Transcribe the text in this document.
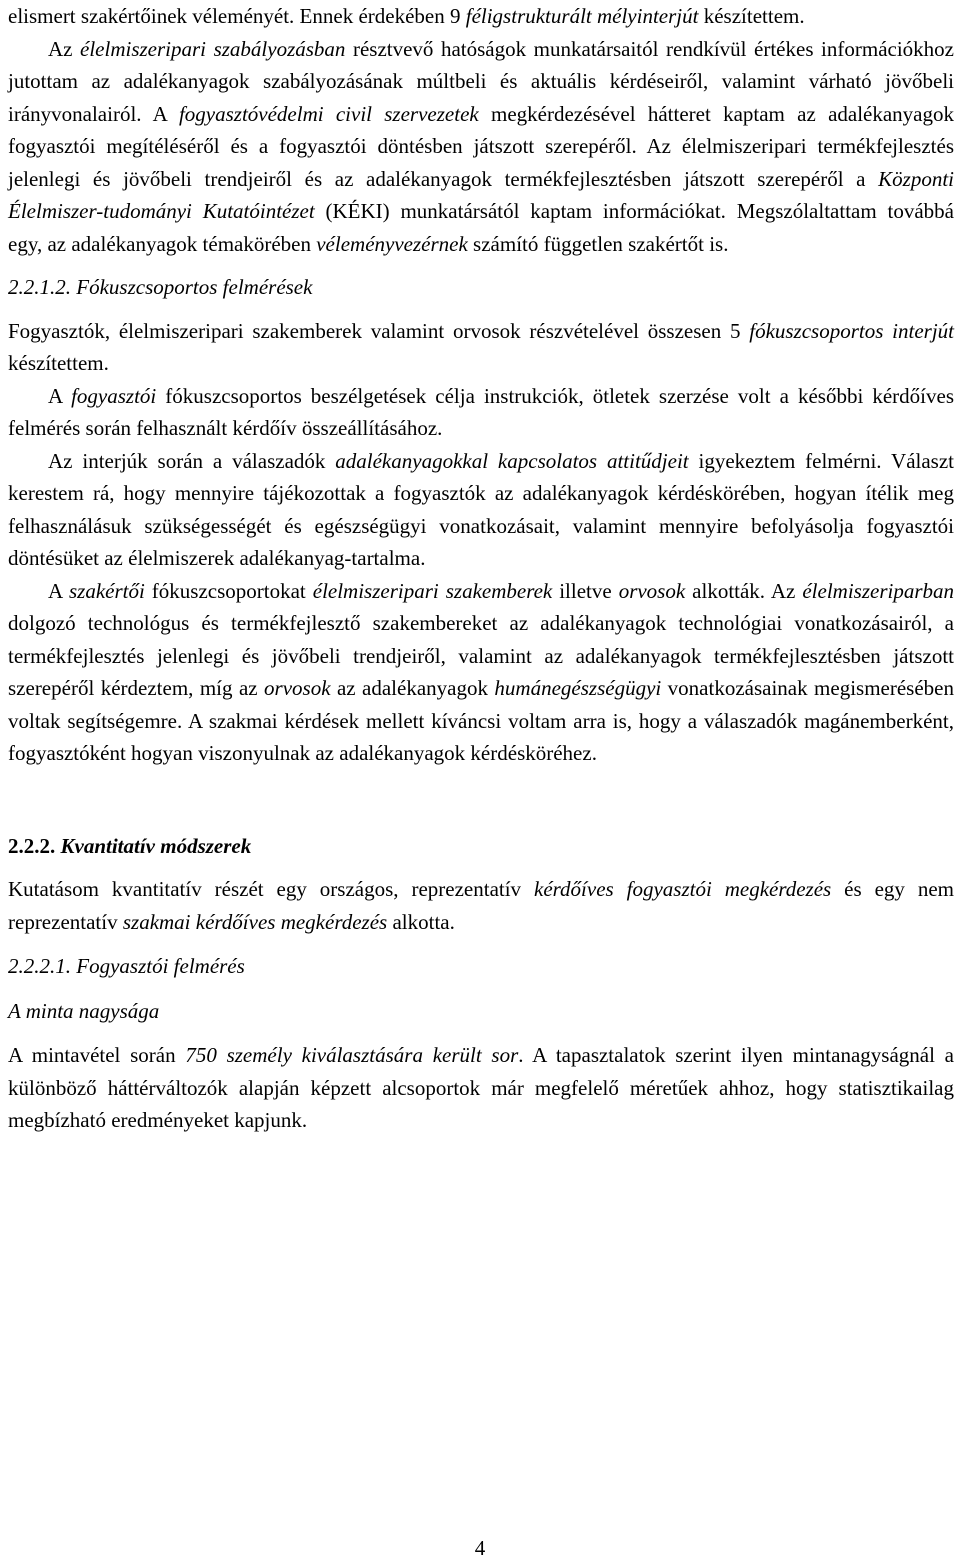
elismert szakértőinek véleményét. Ennek érdekében 9 féligstrukturált mélyinterjút készítettem.

Az élelmiszeripari szabályozásban résztvevő hatóságok munkatársaitól rendkívül értékes információkhoz jutottam az adalékanyagok szabályozásának múltbeli és aktuális kérdéseiről, valamint várható jövőbeli irányvonalairól. A fogyasztóvédelmi civil szervezetek megkérdezésével hátteret kaptam az adalékanyagok fogyasztói megítéléséről és a fogyasztói döntésben játszott szerepéről. Az élelmiszeripari termékfejlesztés jelenlegi és jövőbeli trendjeiről és az adalékanyagok termékfejlesztésben játszott szerepéről a Központi Élelmiszer-tudományi Kutatóintézet (KÉKI) munkatársától kaptam információkat. Megszólaltattam továbbá egy, az adalékanyagok témakörében véleményvezérnek számító független szakértőt is.

2.2.1.2. Fókuszcsoportos felmérések

Fogyasztók, élelmiszeripari szakemberek valamint orvosok részvételével összesen 5 fókuszcsoportos interjút készítettem.

A fogyasztói fókuszcsoportos beszélgetések célja instrukciók, ötletek szerzése volt a későbbi kérdőíves felmérés során felhasznált kérdőív összeállításához.

Az interjúk során a válaszadók adalékanyagokkal kapcsolatos attitűdjeit igyekeztem felmérni. Választ kerestem rá, hogy mennyire tájékozottak a fogyasztók az adalékanyagok kérdéskörében, hogyan ítélik meg felhasználásuk szükségességét és egészségügyi vonatkozásait, valamint mennyire befolyásolja fogyasztói döntésüket az élelmiszerek adalékanyag-tartalma.

A szakértői fókuszcsoportokat élelmiszeripari szakemberek illetve orvosok alkották. Az élelmiszeriparban dolgozó technológus és termékfejlesztő szakembereket az adalékanyagok technológiai vonatkozásairól, a termékfejlesztés jelenlegi és jövőbeli trendjeiről, valamint az adalékanyagok termékfejlesztésben játszott szerepéről kérdeztem, míg az orvosok az adalékanyagok humánegészségügyi vonatkozásainak megismerésében voltak segítségemre. A szakmai kérdések mellett kíváncsi voltam arra is, hogy a válaszadók magánemberként, fogyasztóként hogyan viszonyulnak az adalékanyagok kérdésköréhez.

2.2.2. Kvantitatív módszerek

Kutatásom kvantitatív részét egy országos, reprezentatív kérdőíves fogyasztói megkérdezés és egy nem reprezentatív szakmai kérdőíves megkérdezés alkotta.

2.2.2.1. Fogyasztói felmérés
A minta nagysága

A mintavétel során 750 személy kiválasztására került sor. A tapasztalatok szerint ilyen mintanagyságnál a különböző háttérváltozók alapján képzett alcsoportok már megfelelő méretűek ahhoz, hogy statisztikailag megbízható eredményeket kapjunk.

4
